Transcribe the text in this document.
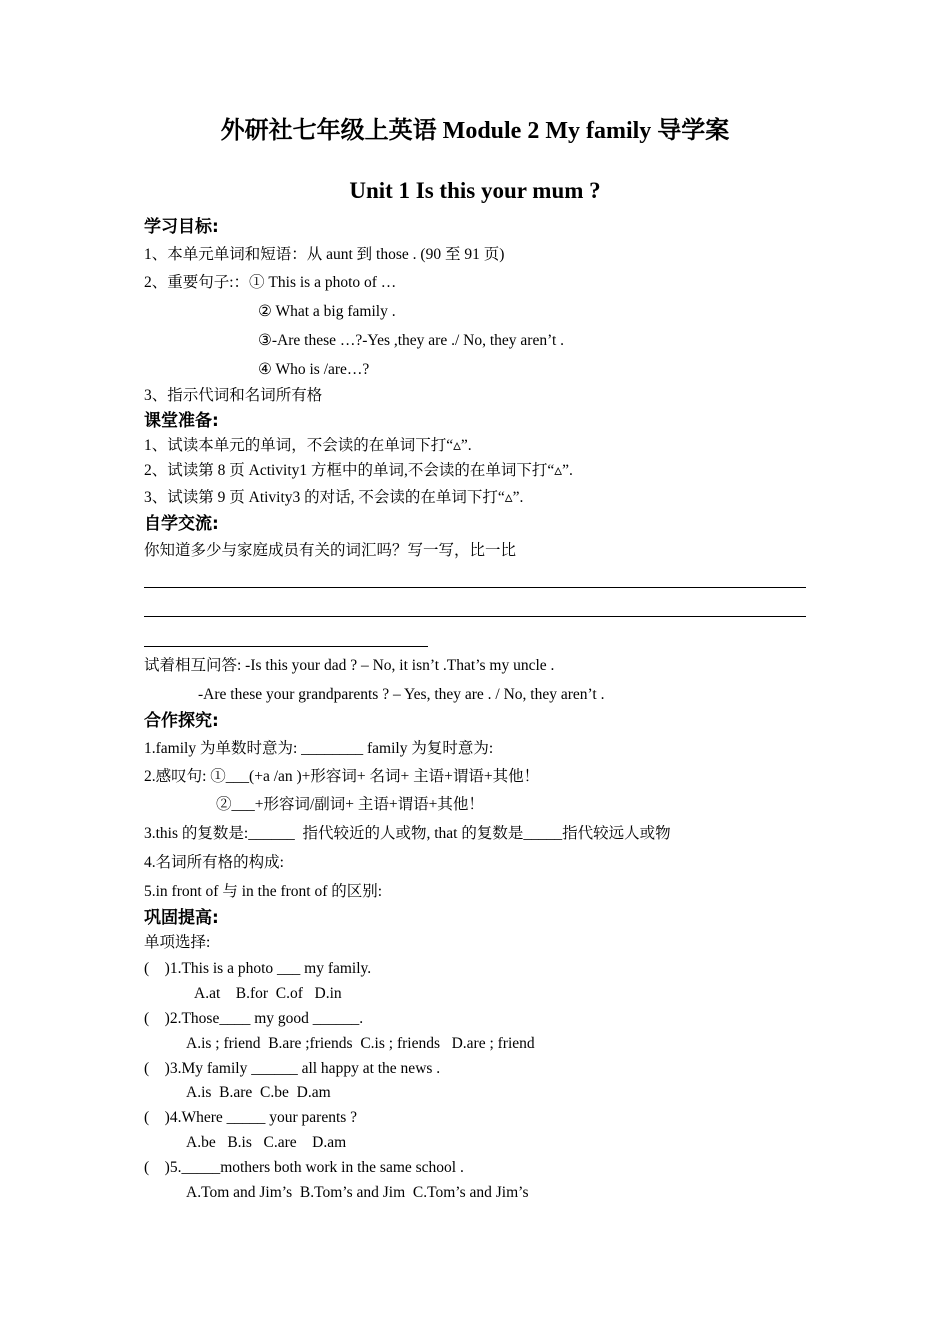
外研社七年级上英语 Module 2 My family 导学案
Unit 1 Is this your mum ?
学习目标:
1、本单元单词和短语：从 aunt 到 those . (90 至 91 页)
2、重要句子:：① This is a photo of …
② What a big family .
③-Are these …?-Yes ,they are ./ No, they aren’t .
④ Who is /are…?
3、指示代词和名词所有格
课堂准备:
1、试读本单元的单词，不会读的在单词下打“▵”.
2、试读第 8 页 Activity1 方框中的单词,不会读的在单词下打“▵”.
3、试读第 9 页 Ativity3 的对话, 不会读的在单词下打“▵”.
自学交流:
你知道多少与家庭成员有关的词汇吗？写一写，比一比
试着相互问答: -Is this your dad ? – No, it isn’t .That’s my uncle .
-Are these your grandparents ? – Yes, they are . / No, they aren’t .
合作探究:
1.family 为单数时意为: ________ family 为复时意为:
2.感叹句: ①___(+a /an )+形容词+ 名词+ 主语+谓语+其他！
②___+形容词/副词+ 主语+谓语+其他！
3.this 的复数是:______  指代较近的人或物, that 的复数是_____指代较远人或物
4.名词所有格的构成:
5.in front of 与 in the front of 的区别:
巩固提高:
单项选择:
(    )1.This is a photo ___ my family.
A.at    B.for  C.of   D.in
(    )2.Those____ my good ______.
A.is ; friend  B.are ;friends  C.is ; friends   D.are ; friend
(    )3.My family ______ all happy at the news .
A.is  B.are  C.be  D.am
(    )4.Where _____ your parents ?
A.be   B.is   C.are    D.am
(    )5._____mothers both work in the same school .
A.Tom and Jim’s  B.Tom’s and Jim  C.Tom’s and Jim’s
